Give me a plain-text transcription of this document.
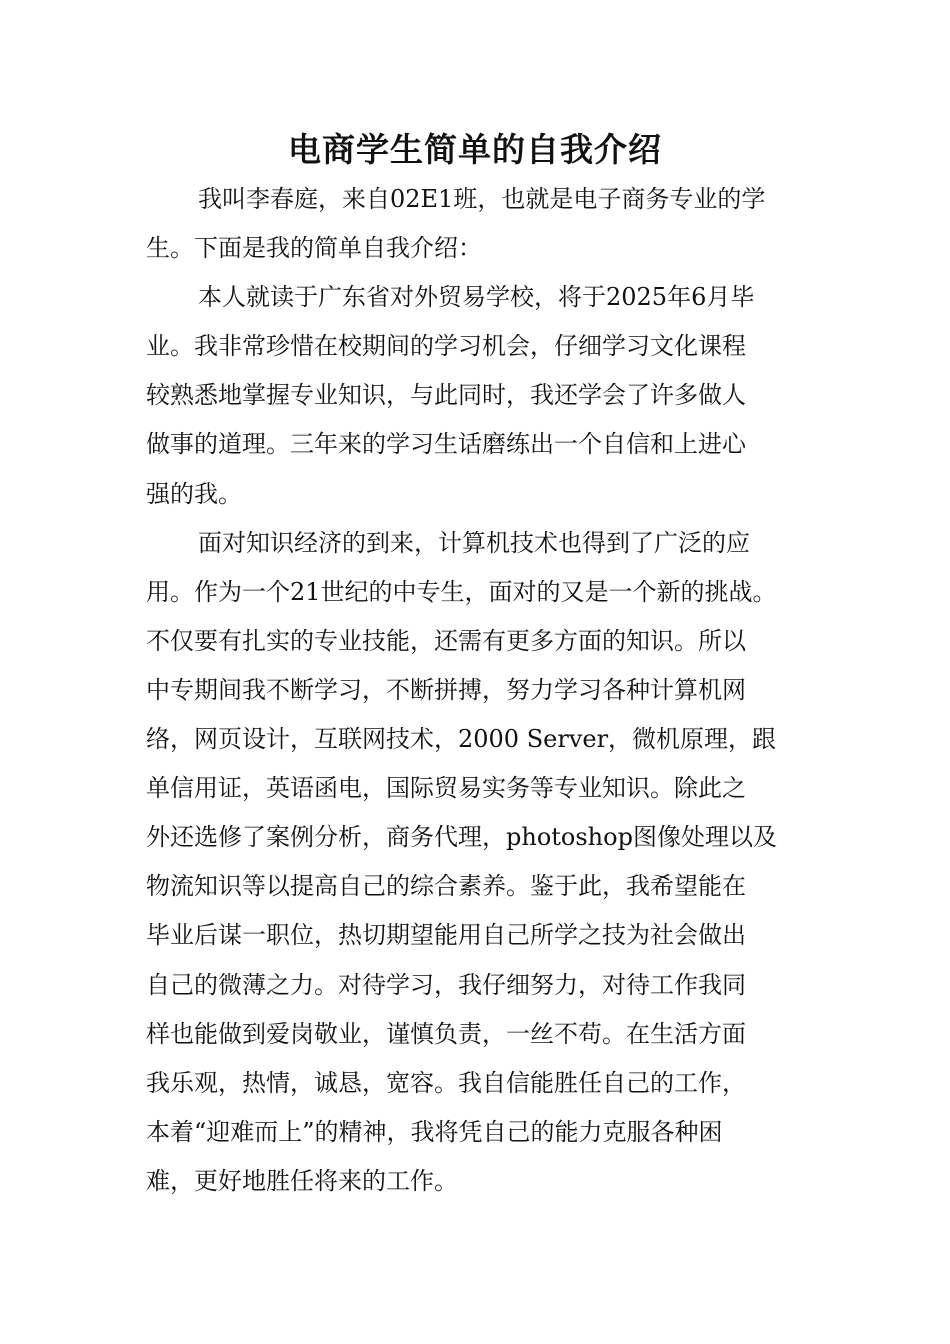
电商学生简单的自我介绍
我叫李春庭，来自02E1班，也就是电子商务专业的学
生。下面是我的简单自我介绍：
本人就读于广东省对外贸易学校，将于2025年6月毕
业。我非常珍惜在校期间的学习机会，仔细学习文化课程
较熟悉地掌握专业知识，与此同时，我还学会了许多做人
做事的道理。三年来的学习生话磨练出一个自信和上进心
强的我。
面对知识经济的到来，计算机技术也得到了广泛的应
用。作为一个21世纪的中专生，面对的又是一个新的挑战。
不仅要有扎实的专业技能，还需有更多方面的知识。所以
中专期间我不断学习，不断拼搏，努力学习各种计算机网
络，网页设计，互联网技术，2000 Server，微机原理，跟
单信用证，英语函电，国际贸易实务等专业知识。除此之
外还选修了案例分析，商务代理，photoshop图像处理以及
物流知识等以提高自己的综合素养。鉴于此，我希望能在
毕业后谋一职位，热切期望能用自己所学之技为社会做出
自己的微薄之力。对待学习，我仔细努力，对待工作我同
样也能做到爱岗敬业，谨慎负责，一丝不苟。在生活方面
我乐观，热情，诚恳，宽容。我自信能胜任自己的工作，
本着“迎难而上”的精神，我将凭自己的能力克服各种困
难，更好地胜任将来的工作。
